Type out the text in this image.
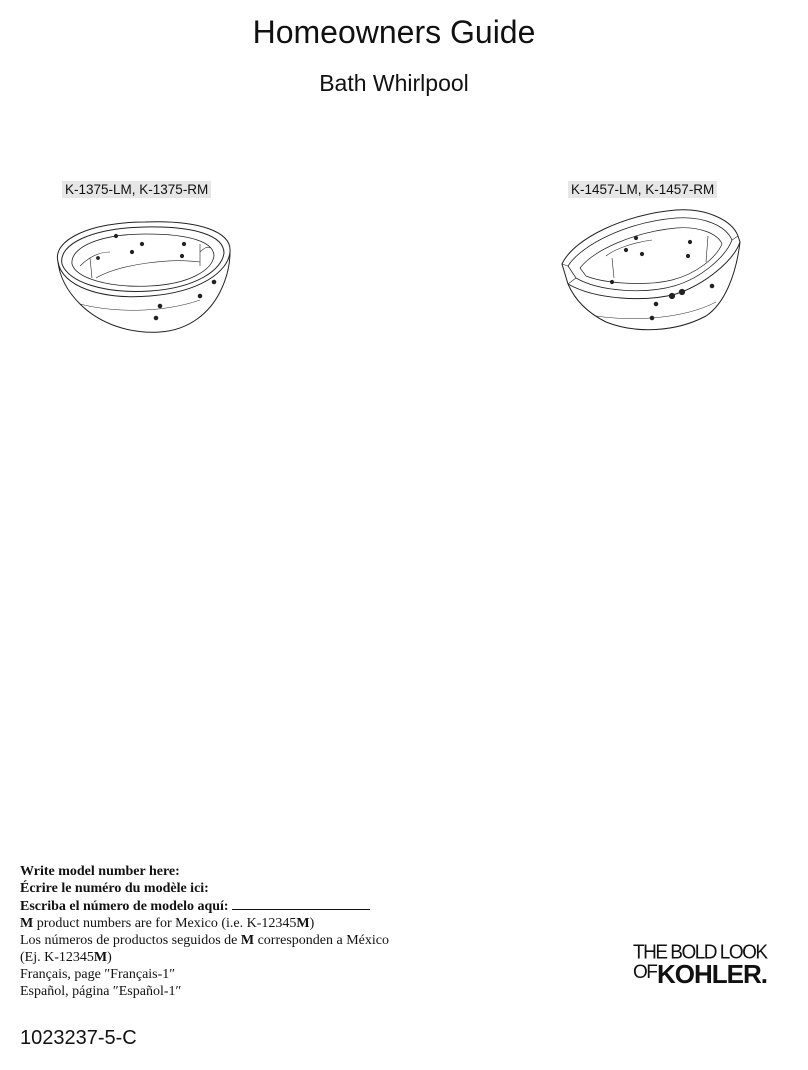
Homeowners Guide
Bath Whirlpool
K-1375-LM, K-1375-RM	K-1457-LM, K-1457-RM
Write model number here:
Écrire le numéro du modèle ici:
Escriba el número de modelo aquí:
M product numbers are for Mexico (i.e. K-12345M)
Los números de productos seguidos de M corresponden a México
(Ej. K-12345M)
Français, page ″Français-1″
Español, página ″Español-1″
THE BOLD LOOK
OF KOHLER.
1023237-5-C
